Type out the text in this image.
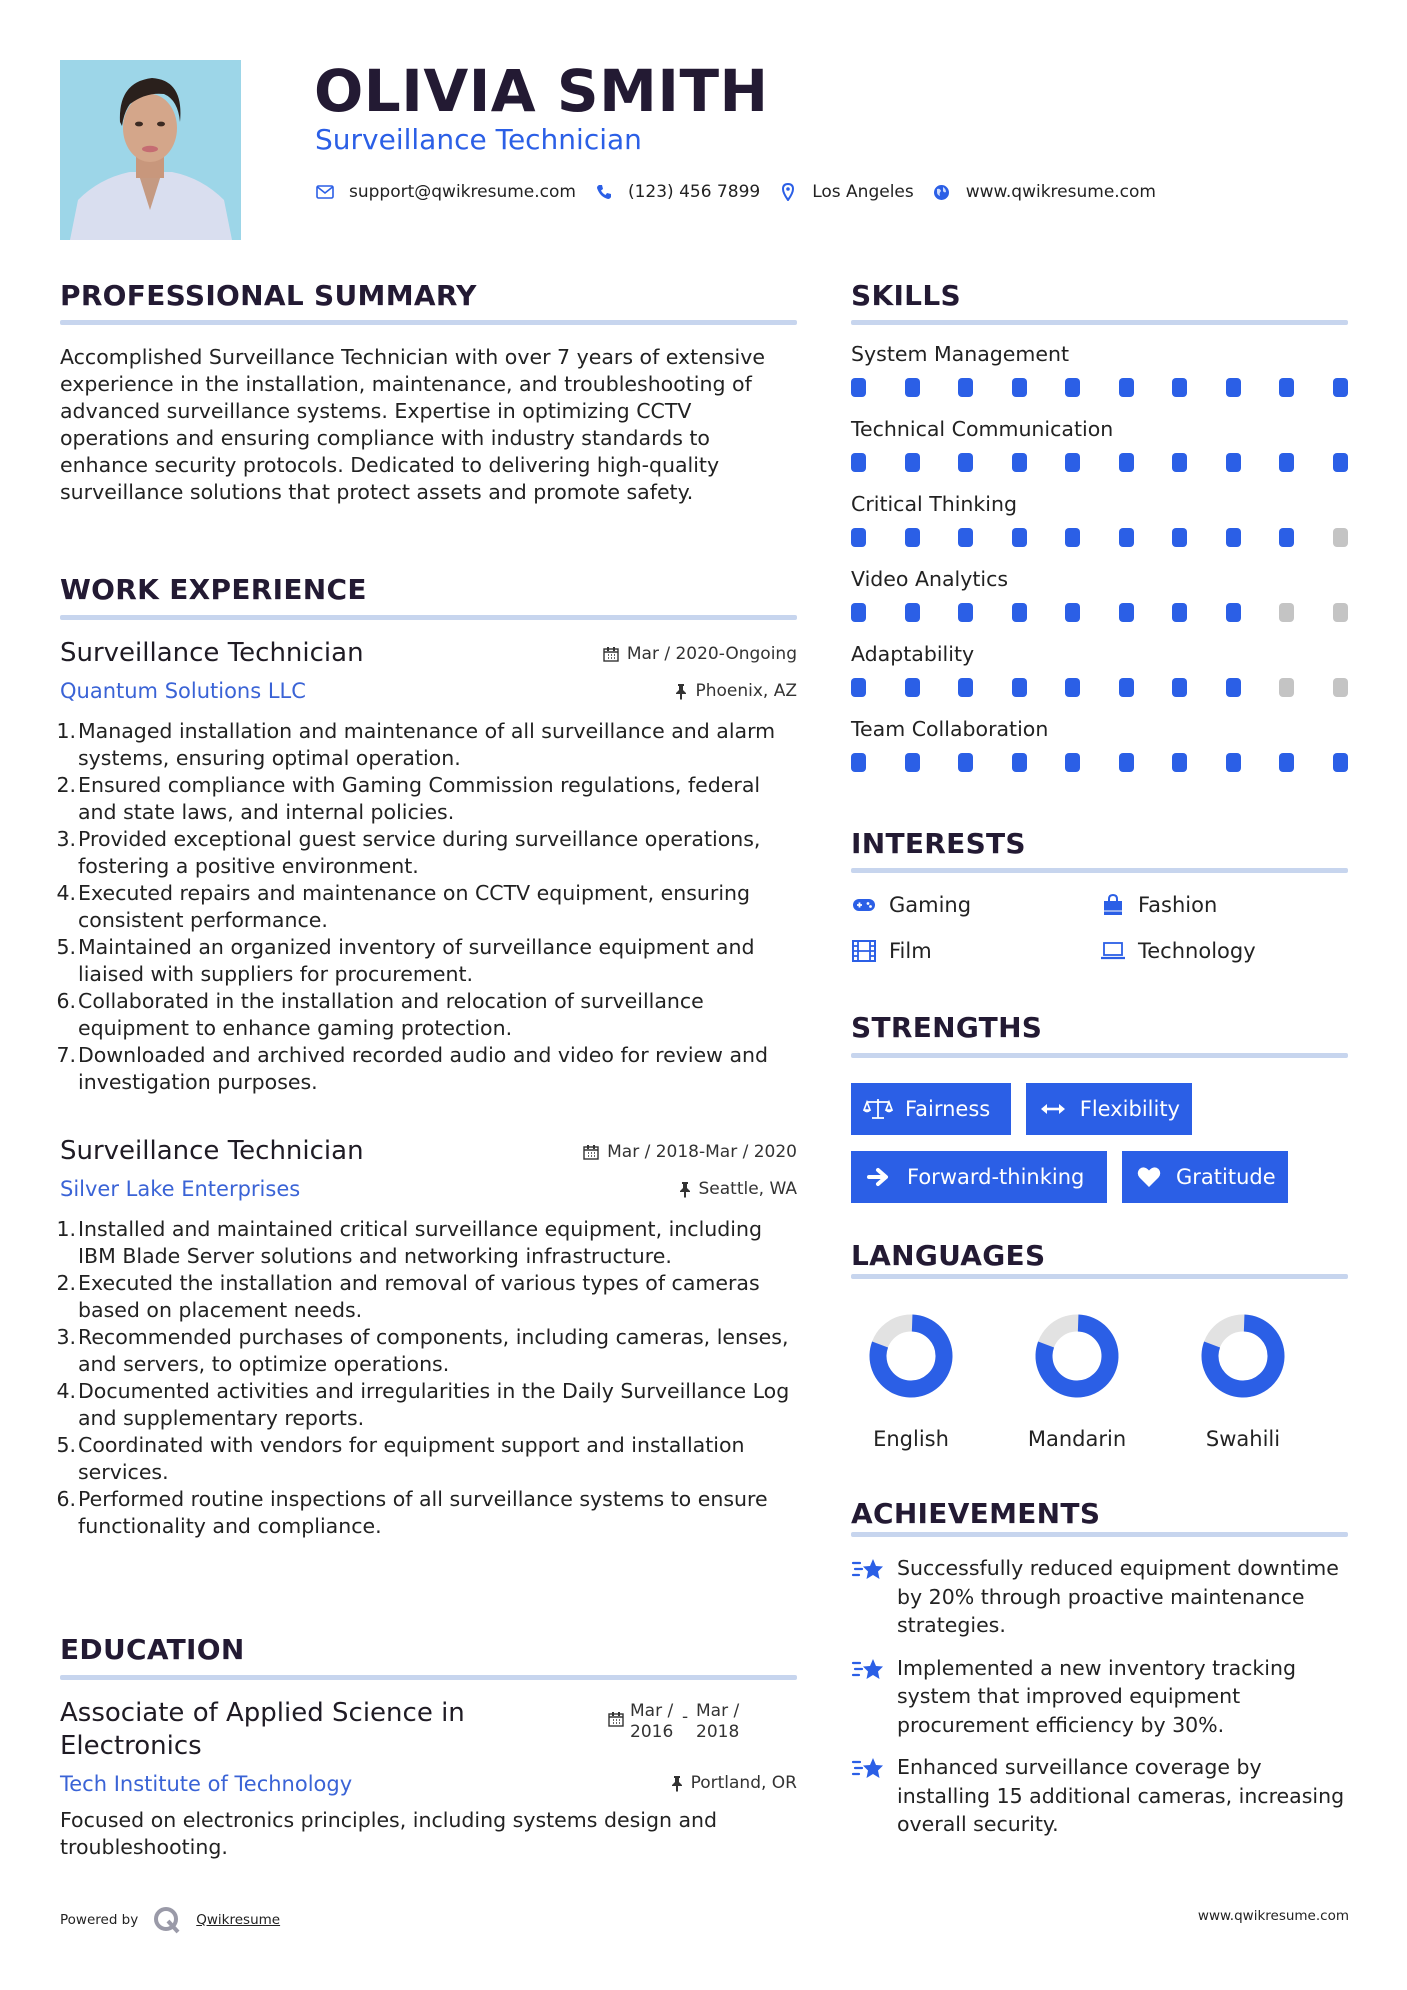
OLIVIA SMITH
Surveillance Technician
support@qwikresume.com	(123) 456 7899	Los Angeles	www.qwikresume.com
PROFESSIONAL SUMMARY
Accomplished Surveillance Technician with over 7 years of extensive experience in the installation, maintenance, and troubleshooting of advanced surveillance systems. Expertise in optimizing CCTV operations and ensuring compliance with industry standards to enhance security protocols. Dedicated to delivering high-quality surveillance solutions that protect assets and promote safety.
WORK EXPERIENCE
Surveillance Technician	Mar / 2020-Ongoing
Quantum Solutions LLC	Phoenix, AZ
1. Managed installation and maintenance of all surveillance and alarm systems, ensuring optimal operation.
2. Ensured compliance with Gaming Commission regulations, federal and state laws, and internal policies.
3. Provided exceptional guest service during surveillance operations, fostering a positive environment.
4. Executed repairs and maintenance on CCTV equipment, ensuring consistent performance.
5. Maintained an organized inventory of surveillance equipment and liaised with suppliers for procurement.
6. Collaborated in the installation and relocation of surveillance equipment to enhance gaming protection.
7. Downloaded and archived recorded audio and video for review and investigation purposes.
Surveillance Technician	Mar / 2018-Mar / 2020
Silver Lake Enterprises	Seattle, WA
1. Installed and maintained critical surveillance equipment, including IBM Blade Server solutions and networking infrastructure.
2. Executed the installation and removal of various types of cameras based on placement needs.
3. Recommended purchases of components, including cameras, lenses, and servers, to optimize operations.
4. Documented activities and irregularities in the Daily Surveillance Log and supplementary reports.
5. Coordinated with vendors for equipment support and installation services.
6. Performed routine inspections of all surveillance systems to ensure functionality and compliance.
EDUCATION
Associate of Applied Science in
Electronics
Mar /
2016
- Mar /
2018
Tech Institute of Technology	Portland, OR
Focused on electronics principles, including systems design and troubleshooting.
SKILLS
System Management
Technical Communication
Critical Thinking
Video Analytics
Adaptability
Team Collaboration
INTERESTS
Gaming	Fashion
Film	Technology
STRENGTHS
Fairness	Flexibility
Forward-thinking	Gratitude
LANGUAGES
English	Mandarin	Swahili
ACHIEVEMENTS
Successfully reduced equipment downtime by 20% through proactive maintenance strategies.
Implemented a new inventory tracking system that improved equipment procurement efficiency by 30%.
Enhanced surveillance coverage by installing 15 additional cameras, increasing overall security.
Powered by	Qwikresume	www.qwikresume.com
